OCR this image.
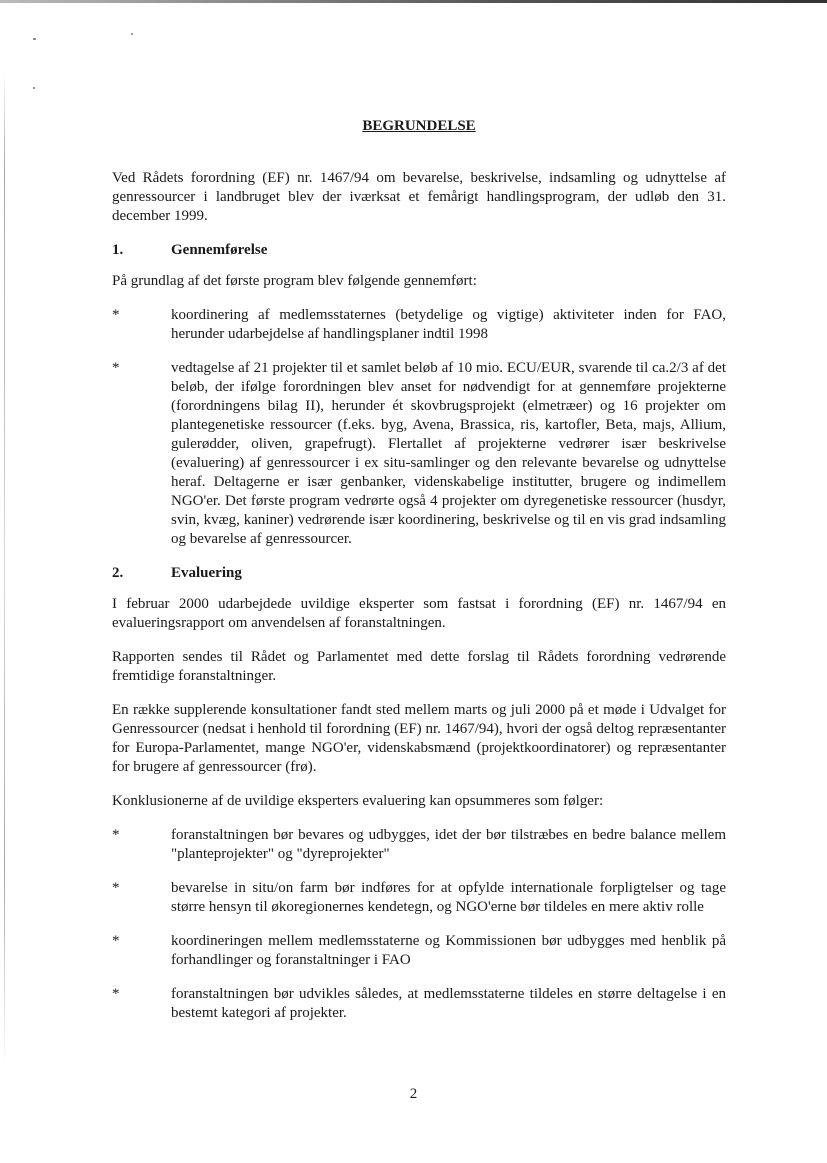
BEGRUNDELSE

Ved Rådets forordning (EF) nr. 1467/94 om bevarelse, beskrivelse, indsamling og udnyttelse af genressourcer i landbruget blev der iværksat et femårigt handlingsprogram, der udløb den 31. december 1999.

1.	Gennemførelse

På grundlag af det første program blev følgende gennemført:

*	koordinering af medlemsstaternes (betydelige og vigtige) aktiviteter inden for FAO, herunder udarbejdelse af handlingsplaner indtil 1998
*	vedtagelse af 21 projekter til et samlet beløb af 10 mio. ECU/EUR, svarende til ca.2/3 af det beløb, der ifølge forordningen blev anset for nødvendigt for at gennemføre projekterne (forordningens bilag II), herunder ét skovbrugsprojekt (elmetræer) og 16 projekter om plantegenetiske ressourcer (f.eks. byg, Avena, Brassica, ris, kartofler, Beta, majs, Allium, gulerødder, oliven, grapefrugt). Flertallet af projekterne vedrører især beskrivelse (evaluering) af genressourcer i ex situ-samlinger og den relevante bevarelse og udnyttelse heraf. Deltagerne er især genbanker, videnskabelige institutter, brugere og indimellem NGO'er. Det første program vedrørte også 4 projekter om dyregenetiske ressourcer (husdyr, svin, kvæg, kaniner) vedrørende især koordinering, beskrivelse og til en vis grad indsamling og bevarelse af genressourcer.
2.	Evaluering

I februar 2000 udarbejdede uvildige eksperter som fastsat i forordning (EF) nr. 1467/94 en evalueringsrapport om anvendelsen af foranstaltningen.

Rapporten sendes til Rådet og Parlamentet med dette forslag til Rådets forordning vedrørende fremtidige foranstaltninger.

En række supplerende konsultationer fandt sted mellem marts og juli 2000 på et møde i Udvalget for Genressourcer (nedsat i henhold til forordning (EF) nr. 1467/94), hvori der også deltog repræsentanter for Europa-Parlamentet, mange NGO'er, videnskabsmænd (projektkoordinatorer) og repræsentanter for brugere af genressourcer (frø).

Konklusionerne af de uvildige eksperters evaluering kan opsummeres som følger:

*	foranstaltningen bør bevares og udbygges, idet der bør tilstræbes en bedre balance mellem "planteprojekter" og "dyreprojekter"
*	bevarelse in situ/on farm bør indføres for at opfylde internationale forpligtelser og tage større hensyn til økoregionernes kendetegn, og NGO'erne bør tildeles en mere aktiv rolle
*	koordineringen mellem medlemsstaterne og Kommissionen bør udbygges med henblik på forhandlinger og foranstaltninger i FAO
*	foranstaltningen bør udvikles således, at medlemsstaterne tildeles en større deltagelse i en bestemt kategori af projekter.
2
